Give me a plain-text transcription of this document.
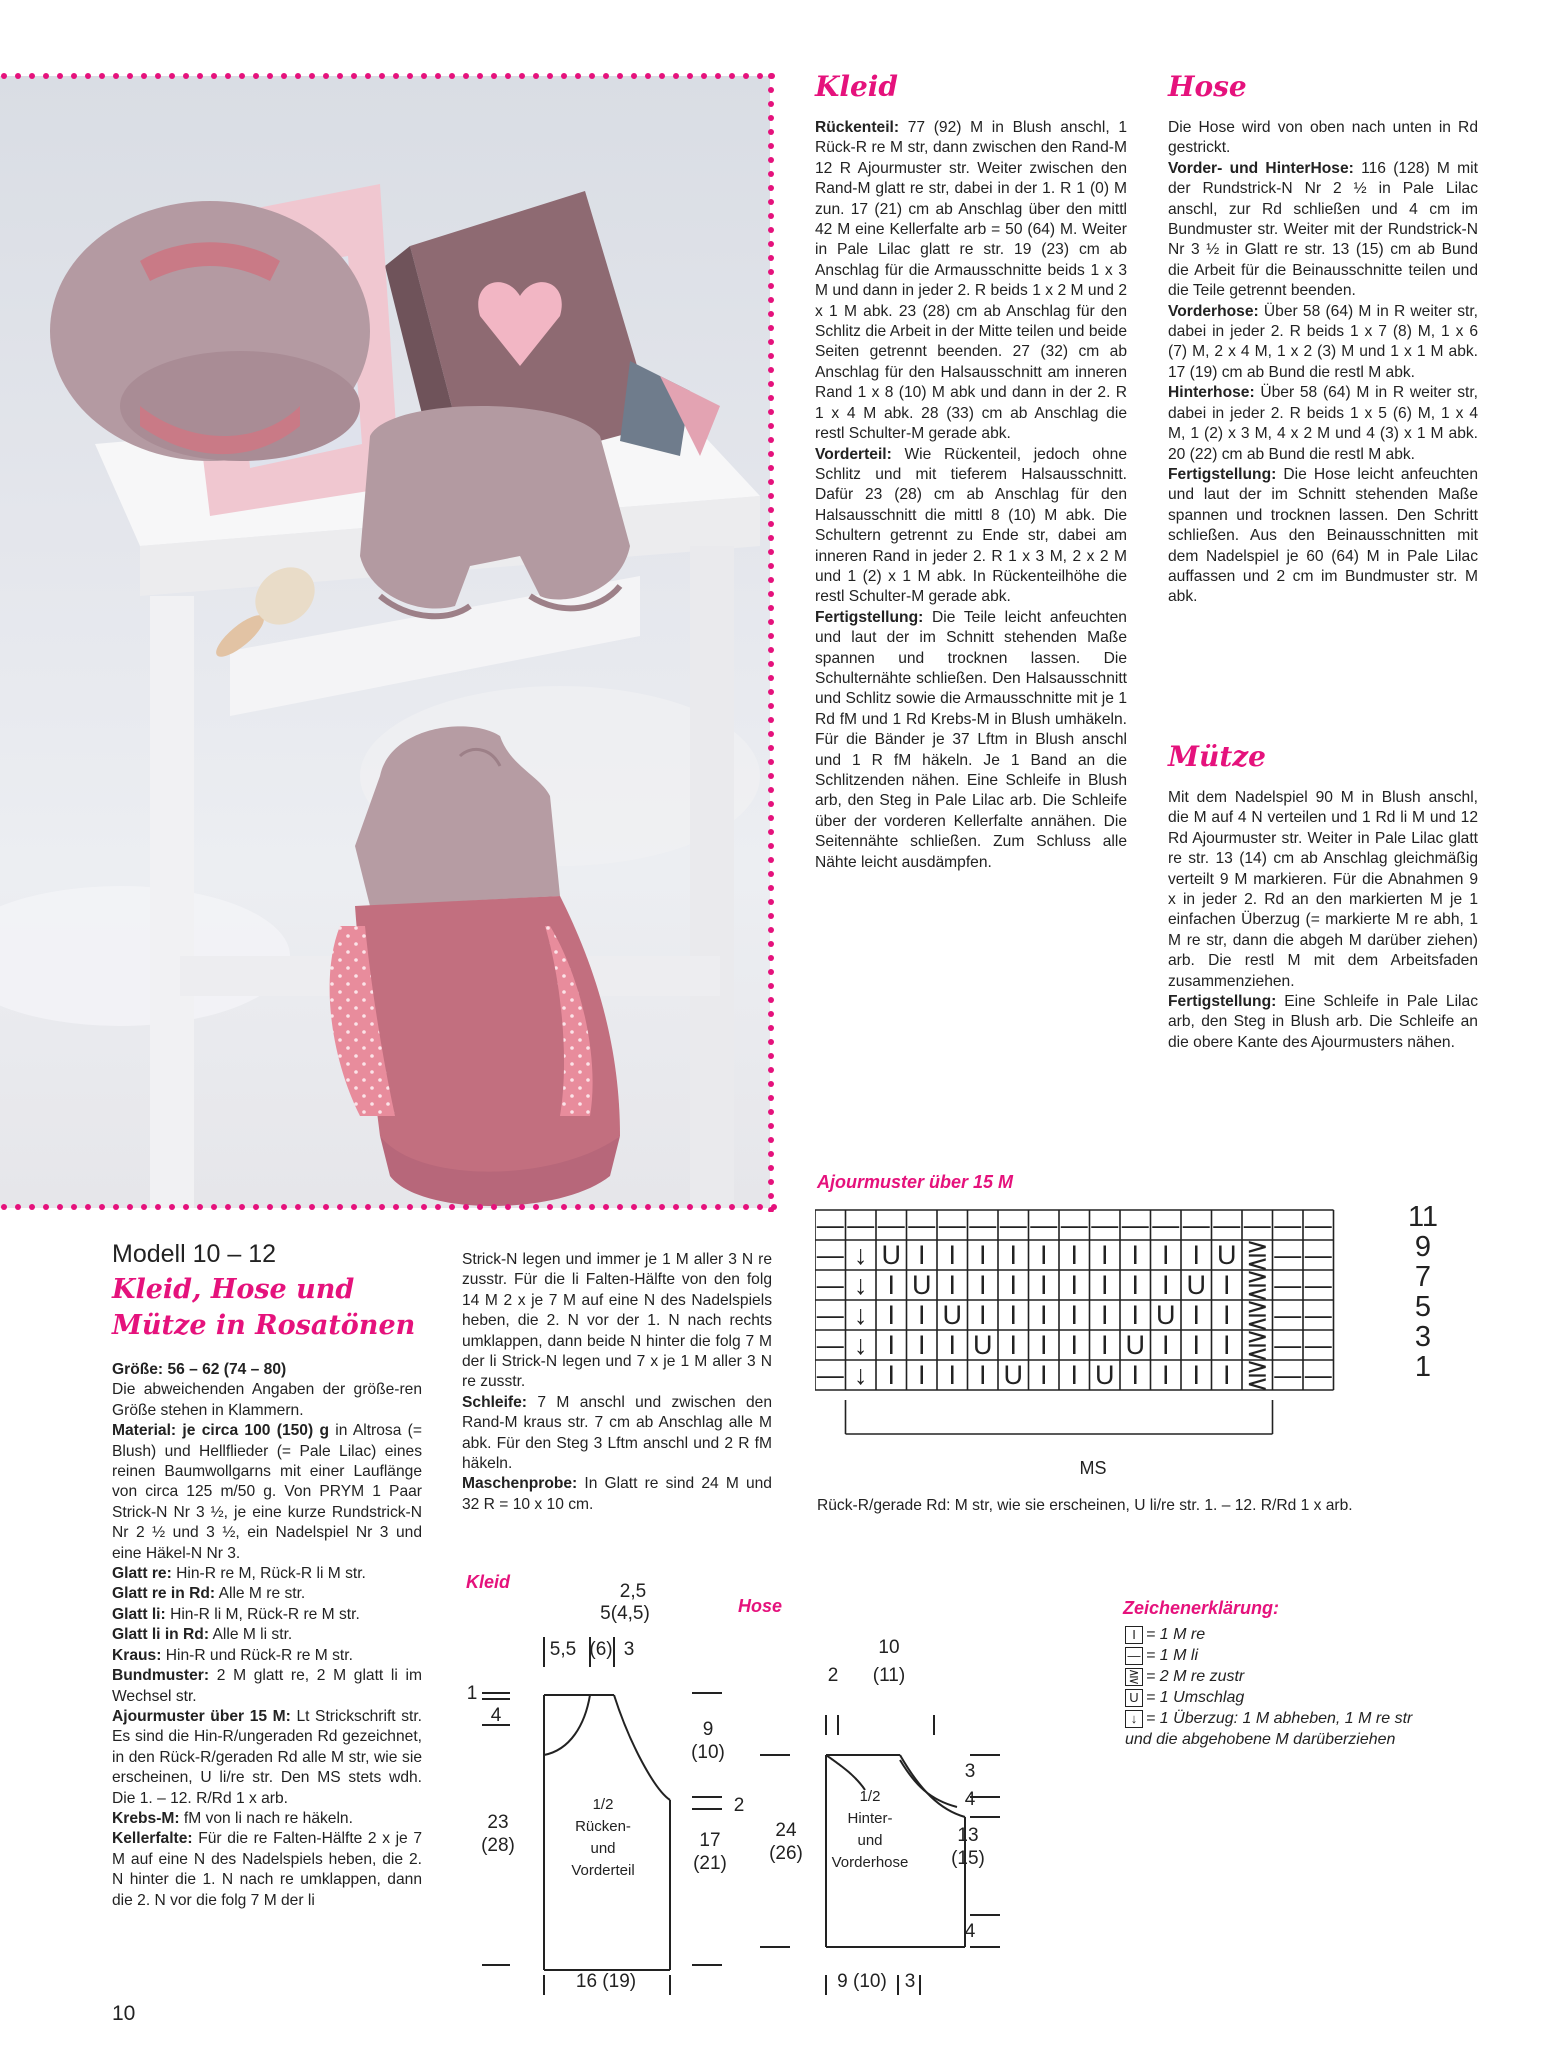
Kleid

Rückenteil: 77 (92) M in Blush anschl, 1 Rück-R re M str, dann zwischen den Rand-M 12 R Ajourmuster str. Weiter zwischen den Rand-M glatt re str, dabei in der 1. R 1 (0) M zun. 17 (21) cm ab Anschlag über den mittl 42 M eine Kellerfalte arb = 50 (64) M. Weiter in Pale Lilac glatt re str. 19 (23) cm ab Anschlag für die Armausschnitte beids 1 x 3 M und dann in jeder 2. R beids 1 x 2 M und 2 x 1 M abk. 23 (28) cm ab Anschlag für den Schlitz die Arbeit in der Mitte teilen und beide Seiten getrennt beenden. 27 (32) cm ab Anschlag für den Halsausschnitt am inneren Rand 1 x 8 (10) M abk und dann in der 2. R 1 x 4 M abk. 28 (33) cm ab Anschlag die restl Schulter-M gerade abk.

Vorderteil: Wie Rückenteil, jedoch ohne Schlitz und mit tieferem Halsausschnitt. Dafür 23 (28) cm ab Anschlag für den Halsausschnitt die mittl 8 (10) M abk. Die Schultern getrennt zu Ende str, dabei am inneren Rand in jeder 2. R 1 x 3 M, 2 x 2 M und 1 (2) x 1 M abk. In Rückenteilhöhe die restl Schulter-M gerade abk.

Fertigstellung: Die Teile leicht anfeuchten und laut der im Schnitt stehenden Maße spannen und trocknen lassen. Die Schulternähte schließen. Den Halsausschnitt und Schlitz sowie die Armausschnitte mit je 1 Rd fM und 1 Rd Krebs-M in Blush umhäkeln. Für die Bänder je 37 Lftm in Blush anschl und 1 R fM häkeln. Je 1 Band an die Schlitzenden nähen. Eine Schleife in Blush arb, den Steg in Pale Lilac arb. Die Schleife über der vorderen Kellerfalte annähen. Die Seitennähte schließen. Zum Schluss alle Nähte leicht ausdämpfen.

Hose

Die Hose wird von oben nach unten in Rd gestrickt.

Vorder- und HinterHose: 116 (128) M mit der Rundstrick-N Nr 2 ½ in Pale Lilac anschl, zur Rd schließen und 4 cm im Bundmuster str. Weiter mit der Rundstrick-N Nr 3 ½ in Glatt re str. 13 (15) cm ab Bund die Arbeit für die Beinausschnitte teilen und die Teile getrennt beenden.

Vorderhose: Über 58 (64) M in R weiter str, dabei in jeder 2. R beids 1 x 7 (8) M, 1 x 6 (7) M, 2 x 4 M, 1 x 2 (3) M und 1 x 1 M abk. 17 (19) cm ab Bund die restl M abk.

Hinterhose: Über 58 (64) M in R weiter str, dabei in jeder 2. R beids 1 x 5 (6) M, 1 x 4 M, 1 (2) x 3 M, 4 x 2 M und 4 (3) x 1 M abk. 20 (22) cm ab Bund die restl M abk.

Fertigstellung: Die Hose leicht anfeuchten und laut der im Schnitt stehenden Maße spannen und trocknen lassen. Den Schritt schließen. Aus den Beinausschnitten mit dem Nadelspiel je 60 (64) M in Pale Lilac auffassen und 2 cm im Bundmuster str. M abk.

Mütze

Mit dem Nadelspiel 90 M in Blush anschl, die M auf 4 N verteilen und 1 Rd li M und 12 Rd Ajourmuster str. Weiter in Pale Lilac glatt re str. 13 (14) cm ab Anschlag gleichmäßig verteilt 9 M markieren. Für die Abnahmen 9 x in jeder 2. Rd an den markierten M je 1 einfachen Überzug (= markierte M re abh, 1 M re str, dann die abgeh M darüber ziehen) arb. Die restl M mit dem Arbeitsfaden zusammenziehen.

Fertigstellung: Eine Schleife in Pale Lilac arb, den Steg in Blush arb. Die Schleife an die obere Kante des Ajourmusters nähen.

Modell 10 – 12
Kleid, Hose und
Mütze in Rosatönen

Größe: 56 – 62 (74 – 80)

Die abweichenden Angaben der größe-ren Größe stehen in Klammern.

Material: je circa 100 (150) g in Altrosa (= Blush) und Hellflieder (= Pale Lilac) eines reinen Baumwollgarns mit einer Lauflänge von circa 125 m/50 g. Von PRYM 1 Paar Strick-N Nr 3 ½, je eine kurze Rundstrick-N Nr 2 ½ und 3 ½, ein Nadelspiel Nr 3 und eine Häkel-N Nr 3.

Glatt re: Hin-R re M, Rück-R li M str.

Glatt re in Rd: Alle M re str.

Glatt li: Hin-R li M, Rück-R re M str.

Glatt li in Rd: Alle M li str.

Kraus: Hin-R und Rück-R re M str.

Bundmuster: 2 M glatt re, 2 M glatt li im Wechsel str.

Ajourmuster über 15 M: Lt Strickschrift str. Es sind die Hin-R/ungeraden Rd gezeichnet, in den Rück-R/geraden Rd alle M str, wie sie erscheinen, U li/re str. Den MS stets wdh. Die 1. – 12. R/Rd 1 x arb.

Krebs-M: fM von li nach re häkeln.

Kellerfalte: Für die re Falten-Hälfte 2 x je 7 M auf eine N des Nadelspiels heben, die 2. N hinter die 1. N nach re umklappen, dann die 2. N vor die folg 7 M der li

Strick-N legen und immer je 1 M aller 3 N re zusstr. Für die li Falten-Hälfte von den folg 14 M 2 x je 7 M auf eine N des Nadelspiels heben, die 2. N vor der 1. N nach rechts umklappen, dann beide N hinter die folg 7 M der li Strick-N legen und 7 x je 1 M aller 3 N re zusstr.

Schleife: 7 M anschl und zwischen den Rand-M kraus str. 7 cm ab Anschlag alle M abk. Für den Steg 3 Lftm anschl und 2 R fM häkeln.

Maschenprobe: In Glatt re sind 24 M und 32 R = 10 x 10 cm.

Ajourmuster über 15 M
— — — — — — — — — — — — — — — — —
— ↓ U I I I I I I I I I I U ⋛ — —
— ↓ I U I I I I I I I I U I ⋛ — —
— ↓ I I U I I I I I I U I I ⋛ — —
— ↓ I I I U I I I I U I I I ⋛ — —
— ↓ I I I I U I I U I I I I ⋛ — —
11
9
7
5
3
1
MS
Rück-R/gerade Rd: M str, wie sie erscheinen, U li/re str. 1. – 12. R/Rd 1 x arb.
Kleid
Hose
2,5
5(4,5)
5,5 (6) 3
1
4
23
(28)
9
(10)
2
17
(21)
16 (19)
1/2
Rücken-
und
Vorderteil
10
2 (11)
24
(26)
3
4
13
(15)
4
9 (10) 3
1/2
Hinter-
und
Vorderhose
Zeichenerklärung:
I = 1 M re
— = 1 M li
⋛ = 2 M re zustr
U = 1 Umschlag
↓ = 1 Überzug: 1 M abheben, 1 M re str
und die abgehobene M darüberziehen
10
